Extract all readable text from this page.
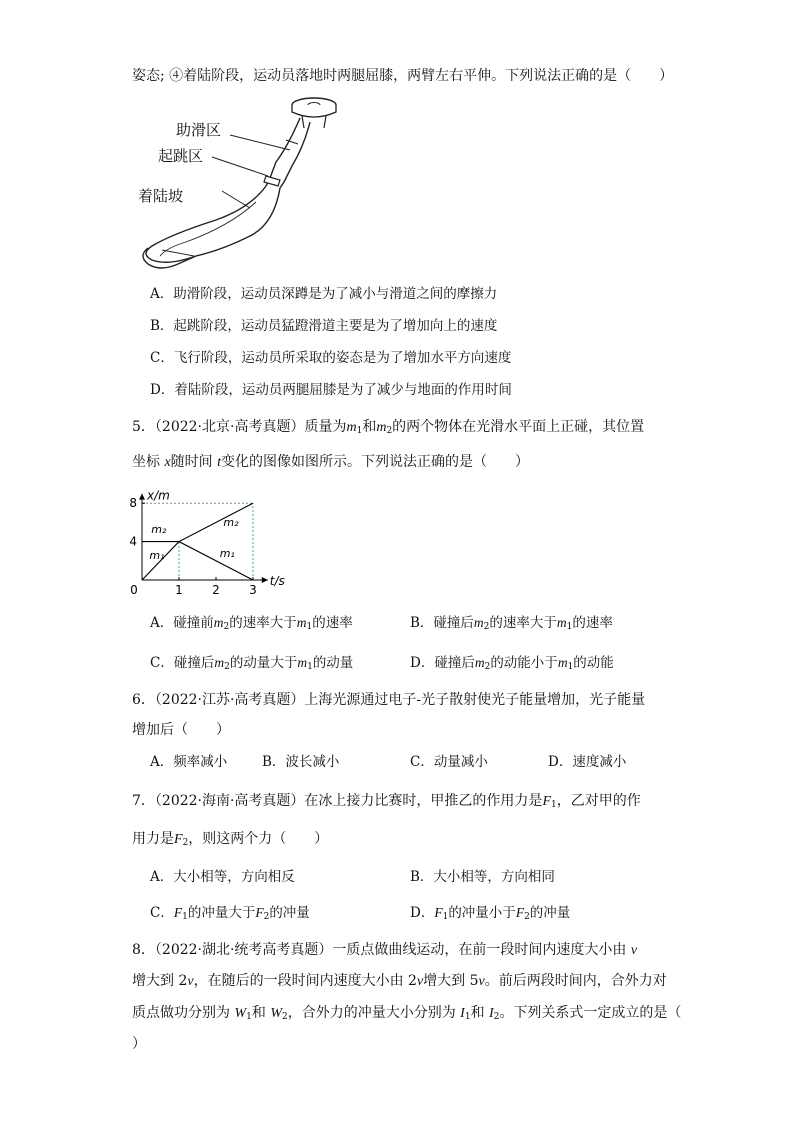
姿态; ④着陆阶段，运动员落地时两腿屈膝，两臂左右平伸。下列说法正确的是（　　）
助滑区
起跳区
着陆坡
A．助滑阶段，运动员深蹲是为了减小与滑道之间的摩擦力
B．起跳阶段，运动员猛蹬滑道主要是为了增加向上的速度
C．飞行阶段，运动员所采取的姿态是为了增加水平方向速度
D．着陆阶段，运动员两腿屈膝是为了减少与地面的作用时间
5．（2022·北京·高考真题）质量为$m_1$和$m_2$的两个物体在光滑水平面上正碰，其位置
坐标 x随时间 t变化的图像如图所示。下列说法正确的是（　　）
0	1 2 3
4
8
m₂
m₁
m₂
m₁
t/s
x/m
A．碰撞前$m_2$的速率大于$m_1$的速率	B．碰撞后$m_2$的速率大于$m_1$的速率
C．碰撞后$m_2$的动量大于$m_1$的动量	D．碰撞后$m_2$的动能小于$m_1$的动能
6．（2022·江苏·高考真题）上海光源通过电子-光子散射使光子能量增加，光子能量
增加后（　　）
A．频率减小	B．波长减小	C．动量减小	D．速度减小
7．（2022·海南·高考真题）在冰上接力比赛时，甲推乙的作用力是$F_1$，乙对甲的作
用力是$F_2$，则这两个力（　　）
A．大小相等，方向相反	B．大小相等，方向相同
C．$F_1$的冲量大于$F_2$的冲量	D．$F_1$的冲量小于$F_2$的冲量
8．（2022·湖北·统考高考真题）一质点做曲线运动，在前一段时间内速度大小由 v
增大到 2v，在随后的一段时间内速度大小由 2v增大到 5v。前后两段时间内，合外力对
质点做功分别为 $W_1$和 $W_2$，合外力的冲量大小分别为 $I_1$和 $I_2$。下列关系式一定成立的是（
）
